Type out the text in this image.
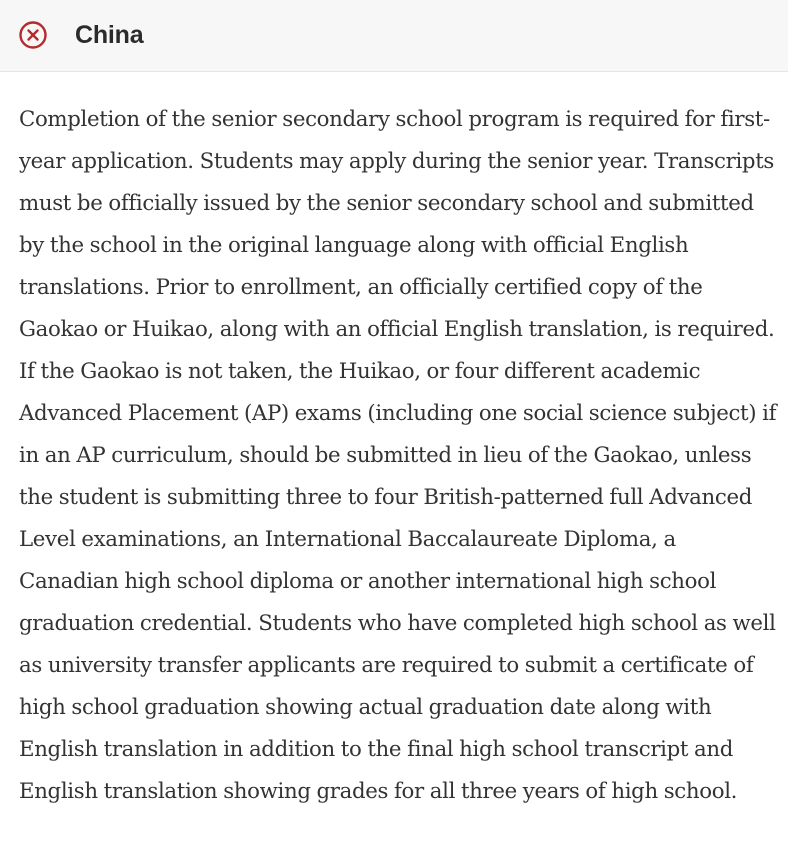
China

Completion of the senior secondary school program is required for first-year application. Students may apply during the senior year. Transcripts must be officially issued by the senior secondary school and submitted by the school in the original language along with official English translations. Prior to enrollment, an officially certified copy of the Gaokao or Huikao, along with an official English translation, is required. If the Gaokao is not taken, the Huikao, or four different academic Advanced Placement (AP) exams (including one social science subject) if in an AP curriculum, should be submitted in lieu of the Gaokao, unless the student is submitting three to four British-patterned full Advanced Level examinations, an International Baccalaureate Diploma, a Canadian high school diploma or another international high school graduation credential. Students who have completed high school as well as university transfer applicants are required to submit a certificate of high school graduation showing actual graduation date along with English translation in addition to the final high school transcript and English translation showing grades for all three years of high school.
